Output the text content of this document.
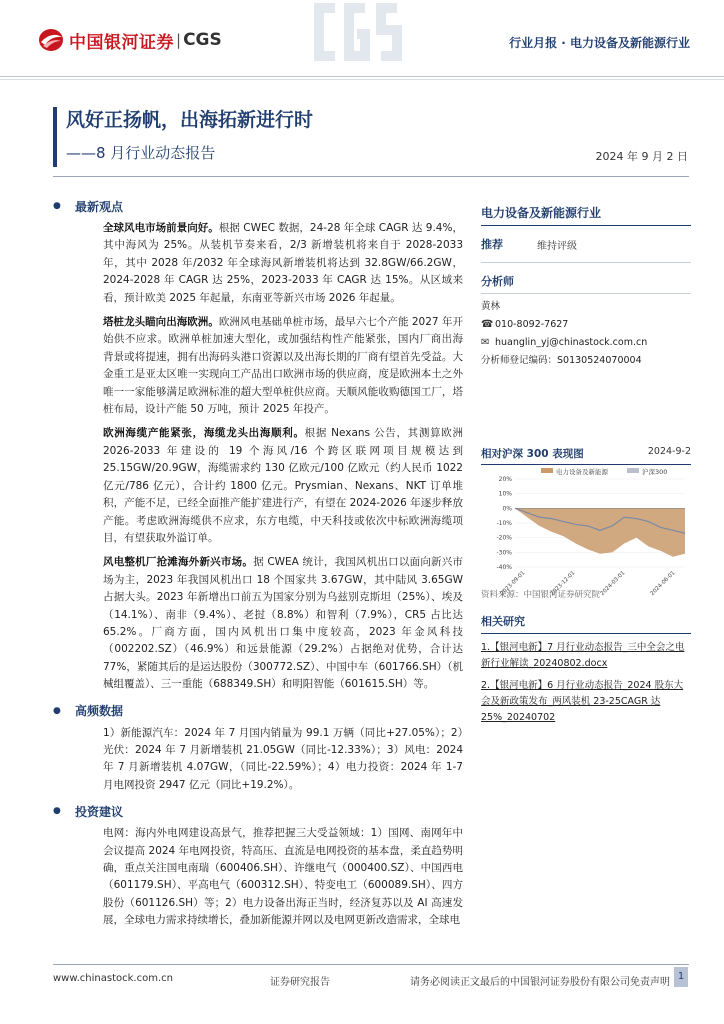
中国银河证券 | CGS	行业月报 · 电力设备及新能源行业
风好正扬帆，出海拓新进行时
——8 月行业动态报告	2024 年 9 月 2 日
●	最新观点

全球风电市场前景向好。根据 CWEC 数据，24-28 年全球 CAGR 达 9.4%，其中海风为 25%。从装机节奏来看，2/3 新增装机将来自于 2028-2033 年，其中 2028 年/2032 年全球海风新增装机将达到 32.8GW/66.2GW，2024-2028 年 CAGR 达 25%，2023-2033 年 CAGR 达 15%。从区域来看，预计欧美 2025 年起量，东南亚等新兴市场 2026 年起量。

塔桩龙头瞄向出海欧洲。欧洲风电基础单桩市场，最早六七个产能 2027 年开始供不应求。欧洲单桩加速大型化，或加强结构性产能紧张，国内厂商出海 背景或将提速，拥有出海码头港口资源以及出海长期的厂商有望首先受益。大金重工是亚太区唯一实现向工产品出口欧洲市场的供应商，度是欧洲本土之外唯一一家能够满足欧洲标准的超大型单桩供应商。天顺风能收购德国工厂，塔桩布局，设计产能 50 万吨，预计 2025 年投产。

欧洲海缆产能紧张，海缆龙头出海顺利。根据 Nexans 公告，其测算欧洲 2026-2033 年建设的 19 个海风/16 个跨区联网项目规模达到 25.15GW/20.9GW，海缆需求约 130 亿欧元/100 亿欧元（约人民币 1022 亿元/786 亿元），合计约 1800 亿元。Prysmian、Nexans、NKT 订单堆积，产能不足，已经全面推产能扩建进行产，有望在 2024-2026 年逐步释放产能。考虑欧洲海缆供不应求，东方电缆，中天科技或依次中标欧洲海缆项目，有望获取外溢订单。

风电整机厂抢滩海外新兴市场。据 CWEA 统计，我国风机出口以面向新兴市场为主，2023 年我国风机出口 18 个国家共 3.67GW，其中陆风 3.65GW 占据大头。2023 年新增出口前五为国家分别为乌兹别克斯坦（25%）、埃及（14.1%）、南非（9.4%）、老挝（8.8%）和智利（7.9%），CR5 占比达 65.2%。厂商方面，国内风机出口集中度较高，2023 年金风科技（002202.SZ）（46.9%）和远景能源（29.2%）占据绝对优势，合计达 77%，紧随其后的是运达股份（300772.SZ）、中国中车（601766.SH）（机械组覆盖）、三一重能（688349.SH）和明阳智能（601615.SH）等。

●	高频数据

1）新能源汽车：2024 年 7 月国内销量为 99.1 万辆（同比+27.05%）；2）光伏：2024 年 7 月新增装机 21.05GW（同比-12.33%）；3）风电：2024 年 7 月新增装机 4.07GW，（同比-22.59%）；4）电力投资：2024 年 1-7 月电网投资 2947 亿元（同比+19.2%）。

●	投资建议

电网：海内外电网建设高景气，推荐把握三大受益领域：1）国网、南网年中会议提高 2024 年电网投资，特高压、直流是电网投资的基本盘，柔直趋势明确，重点关注国电南瑞（600406.SH）、许继电气（000400.SZ）、中国西电（601179.SH）、平高电气（600312.SH）、特变电工（600089.SH）、四方股份（601126.SH）等；2）电力设备出海正当时，经济复苏以及 AI 高速发展，全球电力需求持续增长，叠加新能源并网以及电网更新改造需求，全球电

电力设备及新能源行业
推荐	维持评级
分析师
黄林
☎ 010-8092-7627
✉ huanglin_yj@chinastock.com.cn
分析师登记编码： S0130524070004
相对沪深 300 表现图	2024-9-2
电力设备及新能源	沪深300
20%
10%
0%
-10%
-20%
-30%
-40%
2023-09-01	2023-12-01	2024-03-01	2024-06-01
资料来源：中国银河证券研究院
相关研究
1.【银河电新】7 月行业动态报告_三中全会之电新行业解读_20240802.docx
2.【银河电新】6 月行业动态报告_2024 股东大会及新政策发布_两风装机 23-25CAGR 达 25%_20240702
www.chinastock.com.cn	证券研究报告	请务必阅读正文最后的中国银河证券股份有限公司免责声明
1
